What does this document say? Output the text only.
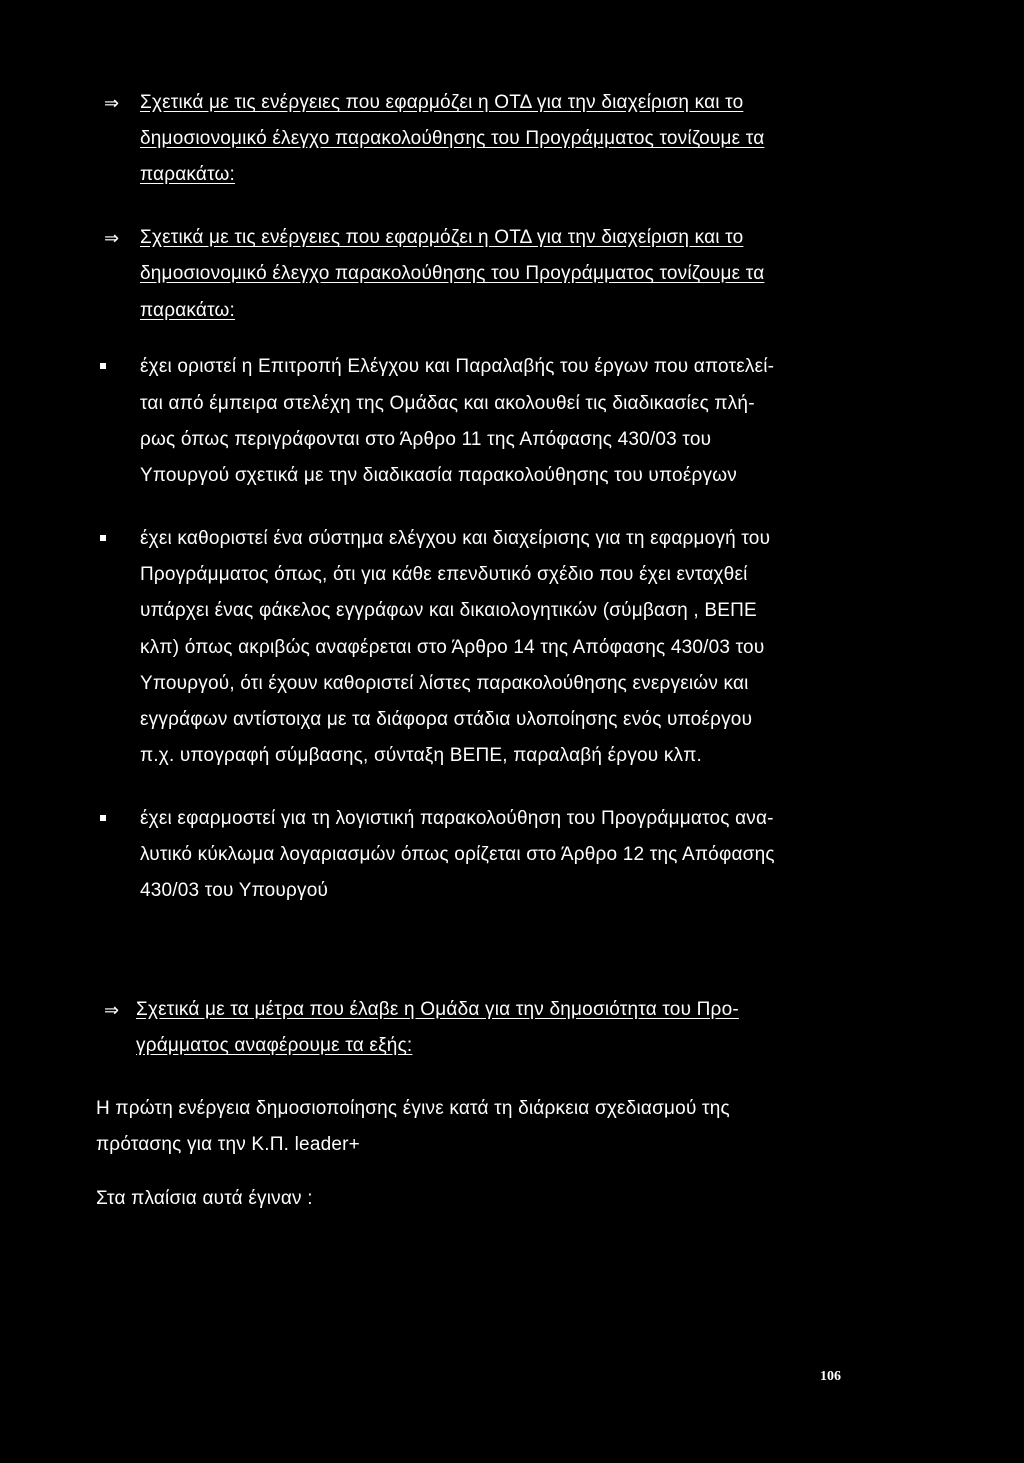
⇒ Σχετικά με τις ενέργειες που εφαρμόζει η ΟΤΔ για την διαχείριση και το
δημοσιονομικό έλεγχο παρακολούθησης του Προγράμματος τονίζουμε τα
παρακάτω:
⇒ Σχετικά με τις ενέργειες που εφαρμόζει η ΟΤΔ για την διαχείριση και το
δημοσιονομικό έλεγχο παρακολούθησης του Προγράμματος τονίζουμε τα
παρακάτω:
έχει οριστεί η Επιτροπή Ελέγχου και Παραλαβής του έργων που αποτελεί-
ται από έμπειρα στελέχη της Ομάδας και ακολουθεί τις διαδικασίες πλή-
ρως όπως περιγράφονται στο Άρθρο 11 της Απόφασης 430/03 του
Υπουργού σχετικά με την διαδικασία παρακολούθησης του υποέργων
έχει καθοριστεί ένα σύστημα ελέγχου και διαχείρισης για τη εφαρμογή του
Προγράμματος όπως, ότι για κάθε επενδυτικό σχέδιο που έχει ενταχθεί
υπάρχει ένας φάκελος εγγράφων και δικαιολογητικών (σύμβαση , ΒΕΠΕ
κλπ) όπως ακριβώς αναφέρεται στο Άρθρο 14 της Απόφασης 430/03 του
Υπουργού, ότι έχουν καθοριστεί λίστες παρακολούθησης ενεργειών και
εγγράφων αντίστοιχα με τα διάφορα στάδια υλοποίησης ενός υποέργου
π.χ. υπογραφή σύμβασης, σύνταξη ΒΕΠΕ, παραλαβή έργου κλπ.
έχει εφαρμοστεί για τη λογιστική παρακολούθηση του Προγράμματος ανα-
λυτικό κύκλωμα λογαριασμών όπως ορίζεται στο Άρθρο 12 της Απόφασης
430/03 του Υπουργού
⇒ Σχετικά με τα μέτρα που έλαβε η Ομάδα για την δημοσιότητα του Προ-
γράμματος αναφέρουμε τα εξής:
Η πρώτη ενέργεια δημοσιοποίησης έγινε κατά τη διάρκεια σχεδιασμού της
πρότασης για την Κ.Π. leader+
Στα πλαίσια αυτά έγιναν :
106
